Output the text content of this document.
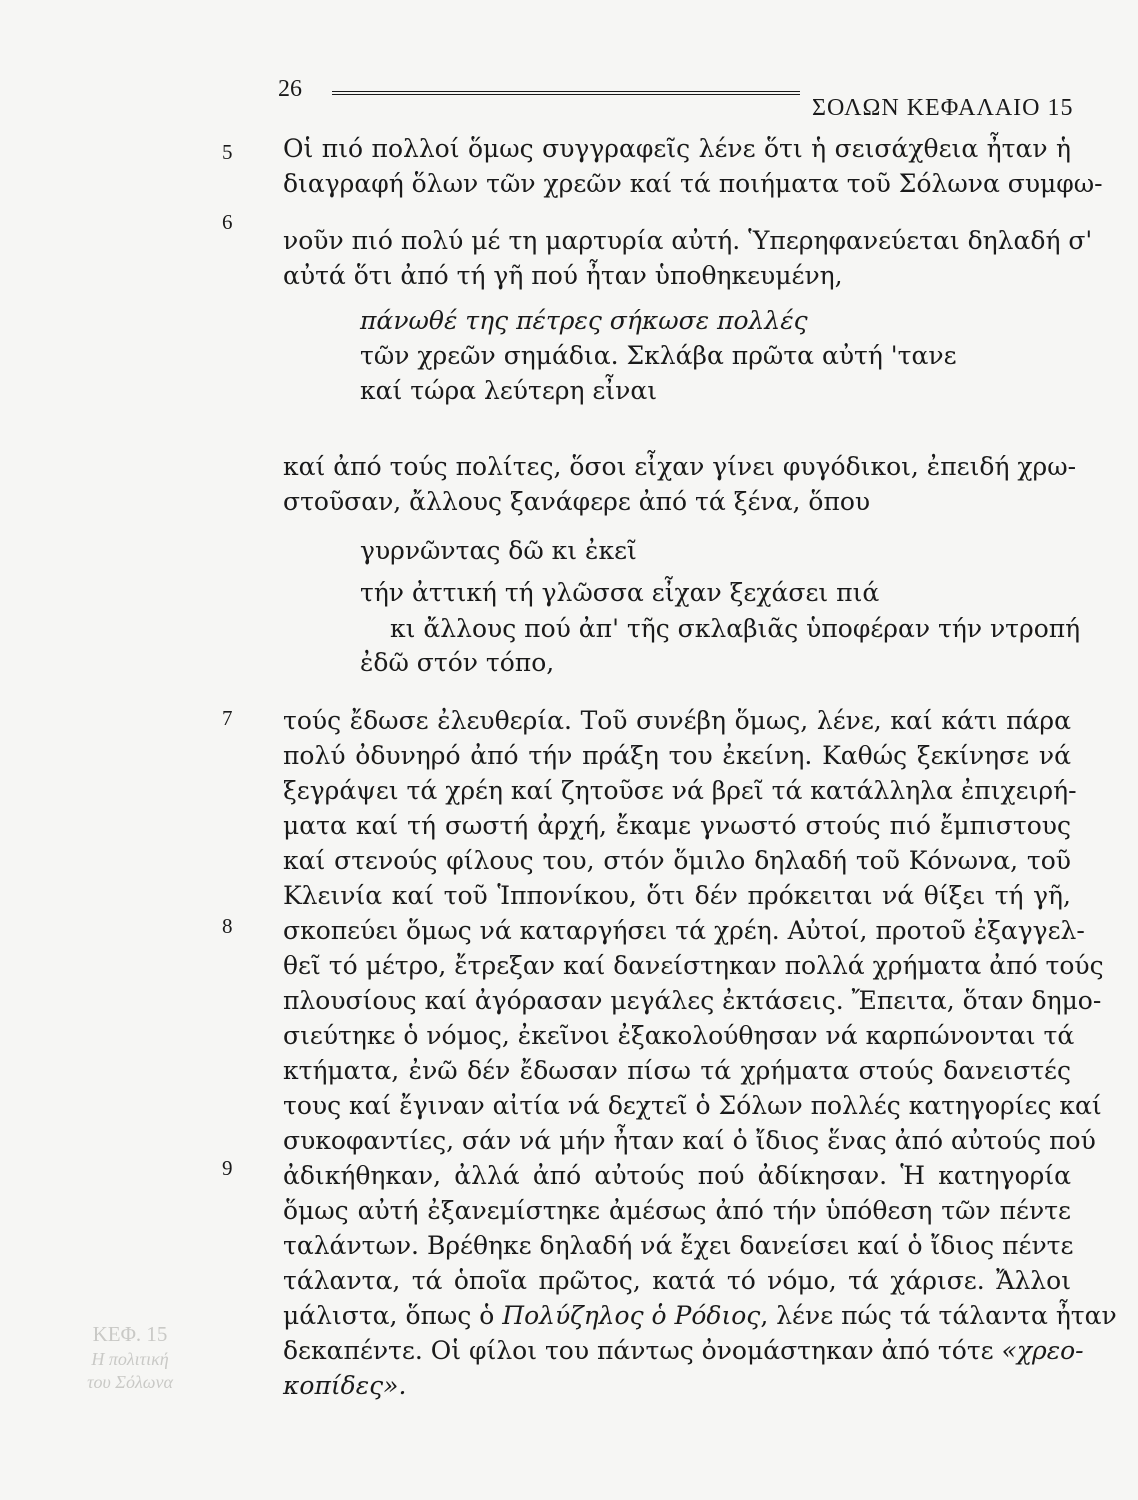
26
ΣΟΛΩΝ ΚΕΦΑΛΑΙΟ 15
5
6
7
8
9
Οἱ πιό πολλοί ὅμως συγγραφεῖς λένε ὅτι ἡ σεισάχθεια ἦταν ἡ
διαγραφή ὅλων τῶν χρεῶν καί τά ποιήματα τοῦ Σόλωνα συμφω-
νοῦν πιό πολύ μέ τη μαρτυρία αὐτή. Ὑπερηφανεύεται δηλαδή σ'
αὐτά ὅτι ἀπό τή γῆ πού ἦταν ὑποθηκευμένη,
πάνωθέ της πέτρες σήκωσε πολλές
τῶν χρεῶν σημάδια. Σκλάβα πρῶτα αὐτή 'τανε
καί τώρα λεύτερη εἶναι
καί ἀπό τούς πολίτες, ὅσοι εἶχαν γίνει φυγόδικοι, ἐπειδή χρω-
στοῦσαν, ἄλλους ξανάφερε ἀπό τά ξένα, ὅπου
γυρνῶντας δῶ κι ἐκεῖ
τήν ἀττική τή γλῶσσα εἶχαν ξεχάσει πιά
κι ἄλλους πού ἀπ' τῆς σκλαβιᾶς ὑποφέραν τήν ντροπή
ἐδῶ στόν τόπο,
τούς ἔδωσε ἐλευθερία. Τοῦ συνέβη ὅμως, λένε, καί κάτι πάρα
πολύ ὀδυνηρό ἀπό τήν πράξη του ἐκείνη. Καθώς ξεκίνησε νά
ξεγράψει τά χρέη καί ζητοῦσε νά βρεῖ τά κατάλληλα ἐπιχειρή-
ματα καί τή σωστή ἀρχή, ἔκαμε γνωστό στούς πιό ἔμπιστους
καί στενούς φίλους του, στόν ὅμιλο δηλαδή τοῦ Κόνωνα, τοῦ
Κλεινία καί τοῦ Ἱππονίκου, ὅτι δέν πρόκειται νά θίξει τή γῆ,
σκοπεύει ὅμως νά καταργήσει τά χρέη. Αὐτοί, προτοῦ ἐξαγγελ-
θεῖ τό μέτρο, ἔτρεξαν καί δανείστηκαν πολλά χρήματα ἀπό τούς
πλουσίους καί ἀγόρασαν μεγάλες ἐκτάσεις. Ἔπειτα, ὅταν δημο-
σιεύτηκε ὁ νόμος, ἐκεῖνοι ἐξακολούθησαν νά καρπώνονται τά
κτήματα, ἐνῶ δέν ἔδωσαν πίσω τά χρήματα στούς δανειστές
τους καί ἔγιναν αἰτία νά δεχτεῖ ὁ Σόλων πολλές κατηγορίες καί
συκοφαντίες, σάν νά μήν ἦταν καί ὁ ἴδιος ἕνας ἀπό αὐτούς πού
ἀδικήθηκαν, ἀλλά ἀπό αὐτούς πού ἀδίκησαν. Ἡ κατηγορία
ὅμως αὐτή ἐξανεμίστηκε ἀμέσως ἀπό τήν ὑπόθεση τῶν πέντε
ταλάντων. Βρέθηκε δηλαδή νά ἔχει δανείσει καί ὁ ἴδιος πέντε
τάλαντα, τά ὁποῖα πρῶτος, κατά τό νόμο, τά χάρισε. Ἄλλοι
μάλιστα, ὅπως ὁ Πολύζηλος ὁ Ρόδιος, λένε πώς τά τάλαντα ἦταν
δεκαπέντε. Οἱ φίλοι του πάντως ὀνομάστηκαν ἀπό τότε «χρεο-
κοπίδες».
ΚΕΦ. 15
Η πολιτική
του Σόλωνα
